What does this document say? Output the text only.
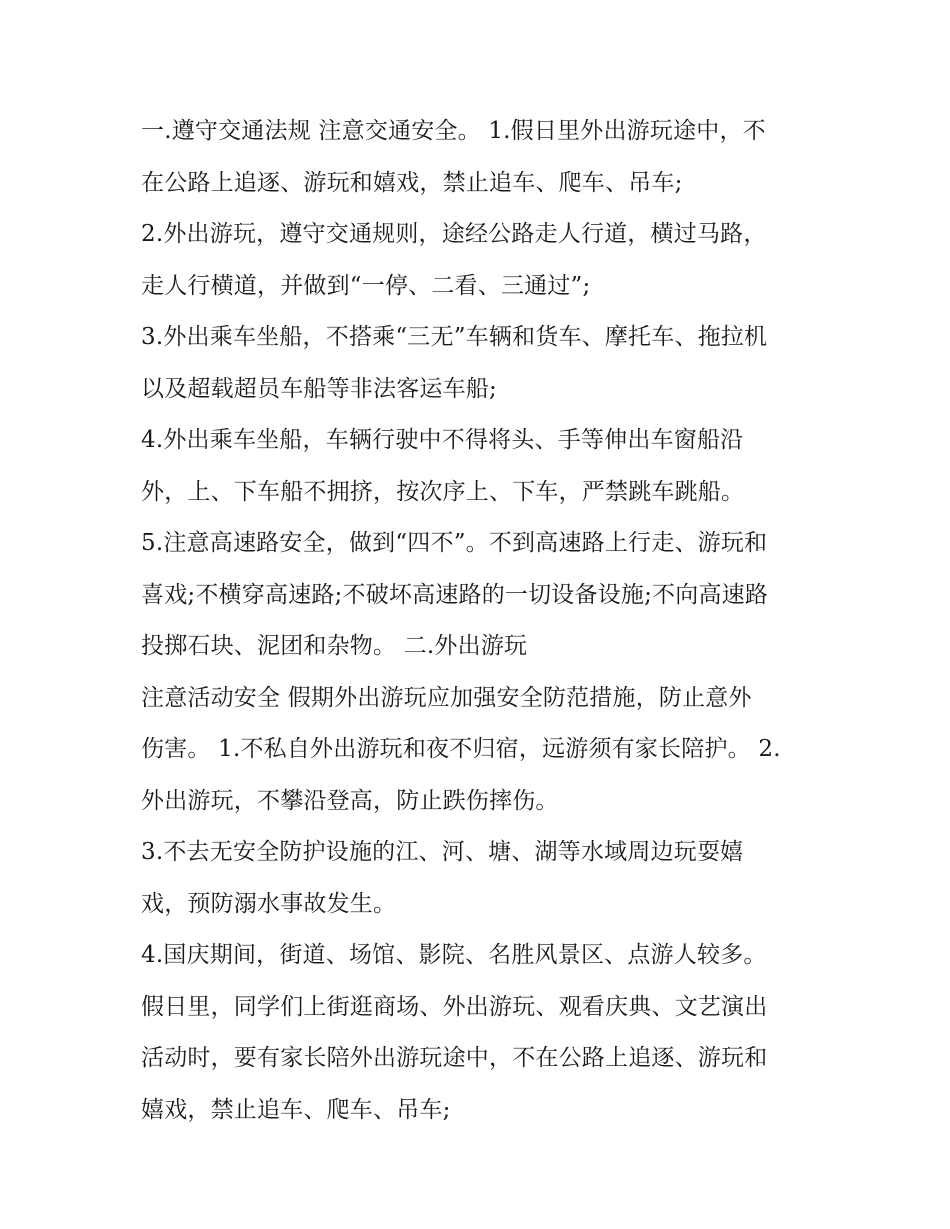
一.遵守交通法规 注意交通安全。 1.假日里外出游玩途中，不
在公路上追逐、游玩和嬉戏，禁止追车、爬车、吊车;
2.外出游玩，遵守交通规则，途经公路走人行道，横过马路，
走人行横道，并做到“一停、二看、三通过”;
3.外出乘车坐船，不搭乘“三无”车辆和货车、摩托车、拖拉机
以及超载超员车船等非法客运车船;
4.外出乘车坐船，车辆行驶中不得将头、手等伸出车窗船沿
外，上、下车船不拥挤，按次序上、下车，严禁跳车跳船。
5.注意高速路安全，做到“四不”。不到高速路上行走、游玩和
喜戏;不横穿高速路;不破坏高速路的一切设备设施;不向高速路
投掷石块、泥团和杂物。 二.外出游玩
注意活动安全 假期外出游玩应加强安全防范措施，防止意外
伤害。 1.不私自外出游玩和夜不归宿，远游须有家长陪护。 2.
外出游玩，不攀沿登高，防止跌伤摔伤。
3.不去无安全防护设施的江、河、塘、湖等水域周边玩耍嬉
戏，预防溺水事故发生。
4.国庆期间，街道、场馆、影院、名胜风景区、点游人较多。
假日里，同学们上街逛商场、外出游玩、观看庆典、文艺演出
活动时，要有家长陪外出游玩途中，不在公路上追逐、游玩和
嬉戏，禁止追车、爬车、吊车;
